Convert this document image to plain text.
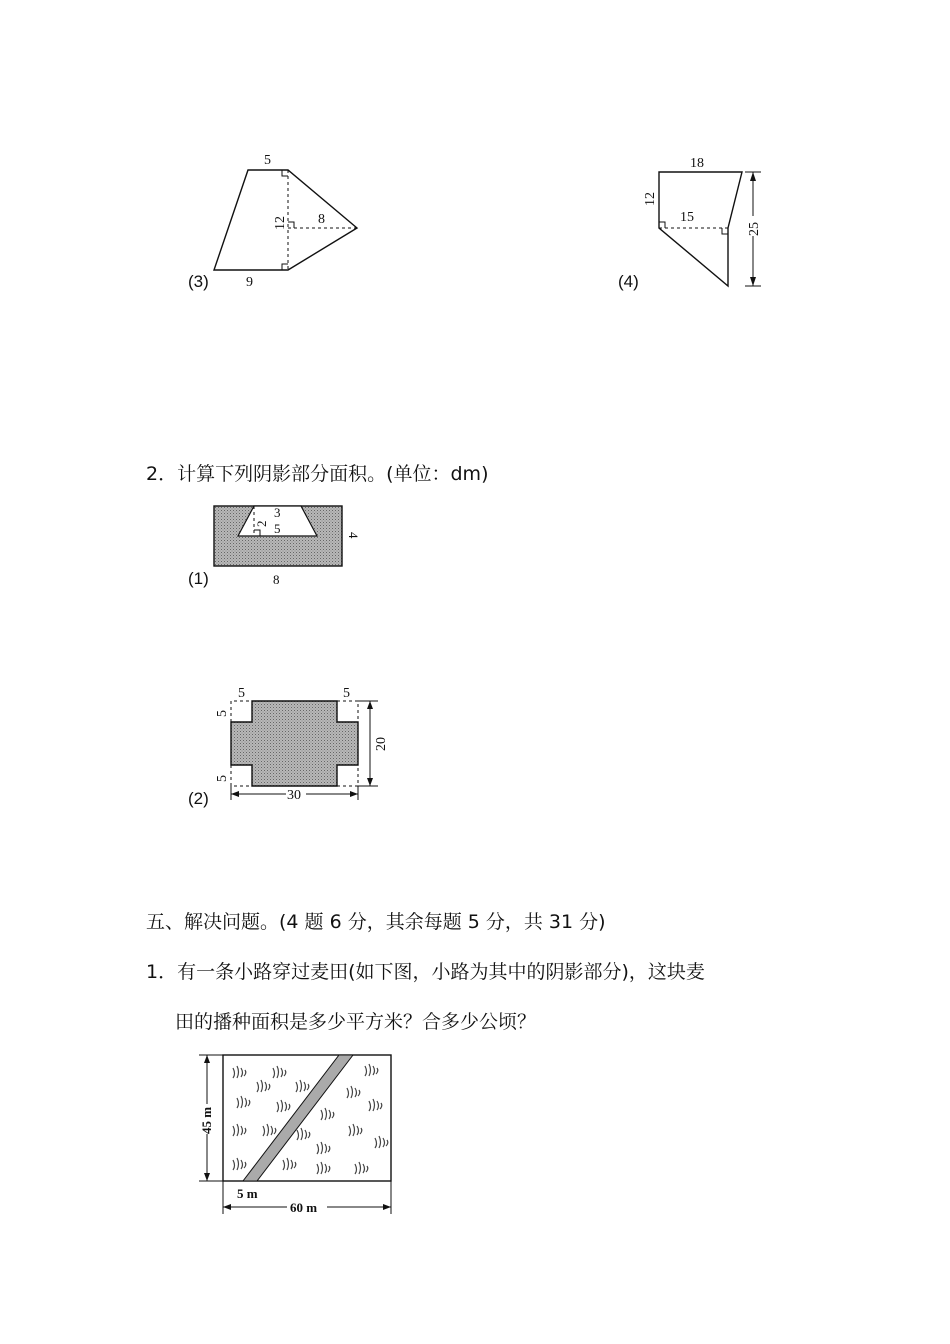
(3)
5
12 8
9	(4)
18
12
15
25
2．计算下列阴影部分面积。(单位：dm)
(1)
3
2 5	4
8
(2)
5	5
5
5
20
30
五、解决问题。(4 题 6 分，其余每题 5 分，共 31 分)
1．有一条小路穿过麦田(如下图，小路为其中的阴影部分)，这块麦
田的播种面积是多少平方米？合多少公顷？
45 m
5 m
60 m
